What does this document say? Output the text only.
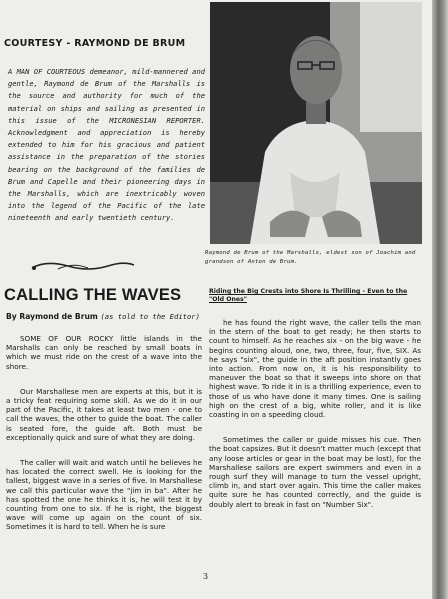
COURTESY - RAYMOND DE BRUM
A MAN OF COURTEOUS demeanor, mild-mannered and gentle, Raymond de Brum of the Marshalls is the source and authority for much of the material on ships and sailing as presented in this issue of the MICRONESIAN REPORTER. Acknowledgment and appreciation is hereby extended to him for his gracious and patient assistance in the preparation of the stories bearing on the background of the families de Brum and Capelle and their pioneering days in the Marshalls, which are inextricably woven into the legend of the Pacific of the late nineteenth and early twentieth century.
Raymond de Brum of the Marshalls, eldest son of Joachim and grandson of Anton de Brum.
CALLING THE WAVES
By Raymond de Brum (as told to the Editor)

SOME OF OUR ROCKY little islands in the Marshalls can only be reached by small boats in which we must ride on the crest of a wave into the shore.

Our Marshallese men are experts at this, but it is a tricky feat requiring some skill. As we do it in our part of the Pacific, it takes at least two men - one to call the waves, the other to guide the boat. The caller is seated fore, the guide aft. Both must be exceptionally quick and sure of what they are doing.

The caller will wait and watch until he believes he has located the correct swell. He is looking for the tallest, biggest wave in a series of five. In Marshallese we call this particular wave the "jim in ba". After he has spotted the one he thinks it is, he will test it by counting from one to six. If he is right, the biggest wave will come up again on the count of six. Sometimes it is hard to tell. When he is sure

Riding the Big Crests into Shore Is Thrilling - Even to the "Old Ones"

he has found the right wave, the caller tells the man in the stern of the boat to get ready; he then starts to count to himself. As he reaches six - on the big wave - he begins counting aloud, one, two, three, four, five, SIX. As he says "six", the guide in the aft position instantly goes into action. From now on, it is his responsibility to maneuver the boat so that it sweeps into shore on that highest wave. To ride it in is a thrilling experience, even to those of us who have done it many times. One is sailing high on the crest of a big, white roller, and it is like coasting in on a speeding cloud.

Sometimes the caller or guide misses his cue. Then the boat capsizes. But it doesn't matter much (except that any loose articles or gear in the boat may be lost), for the Marshallese sailors are expert swimmers and even in a rough surf they will manage to turn the vessel upright, climb in, and start over again. This time the caller makes quite sure he has counted correctly, and the guide is doubly alert to break in fast on "Number Six".

3
